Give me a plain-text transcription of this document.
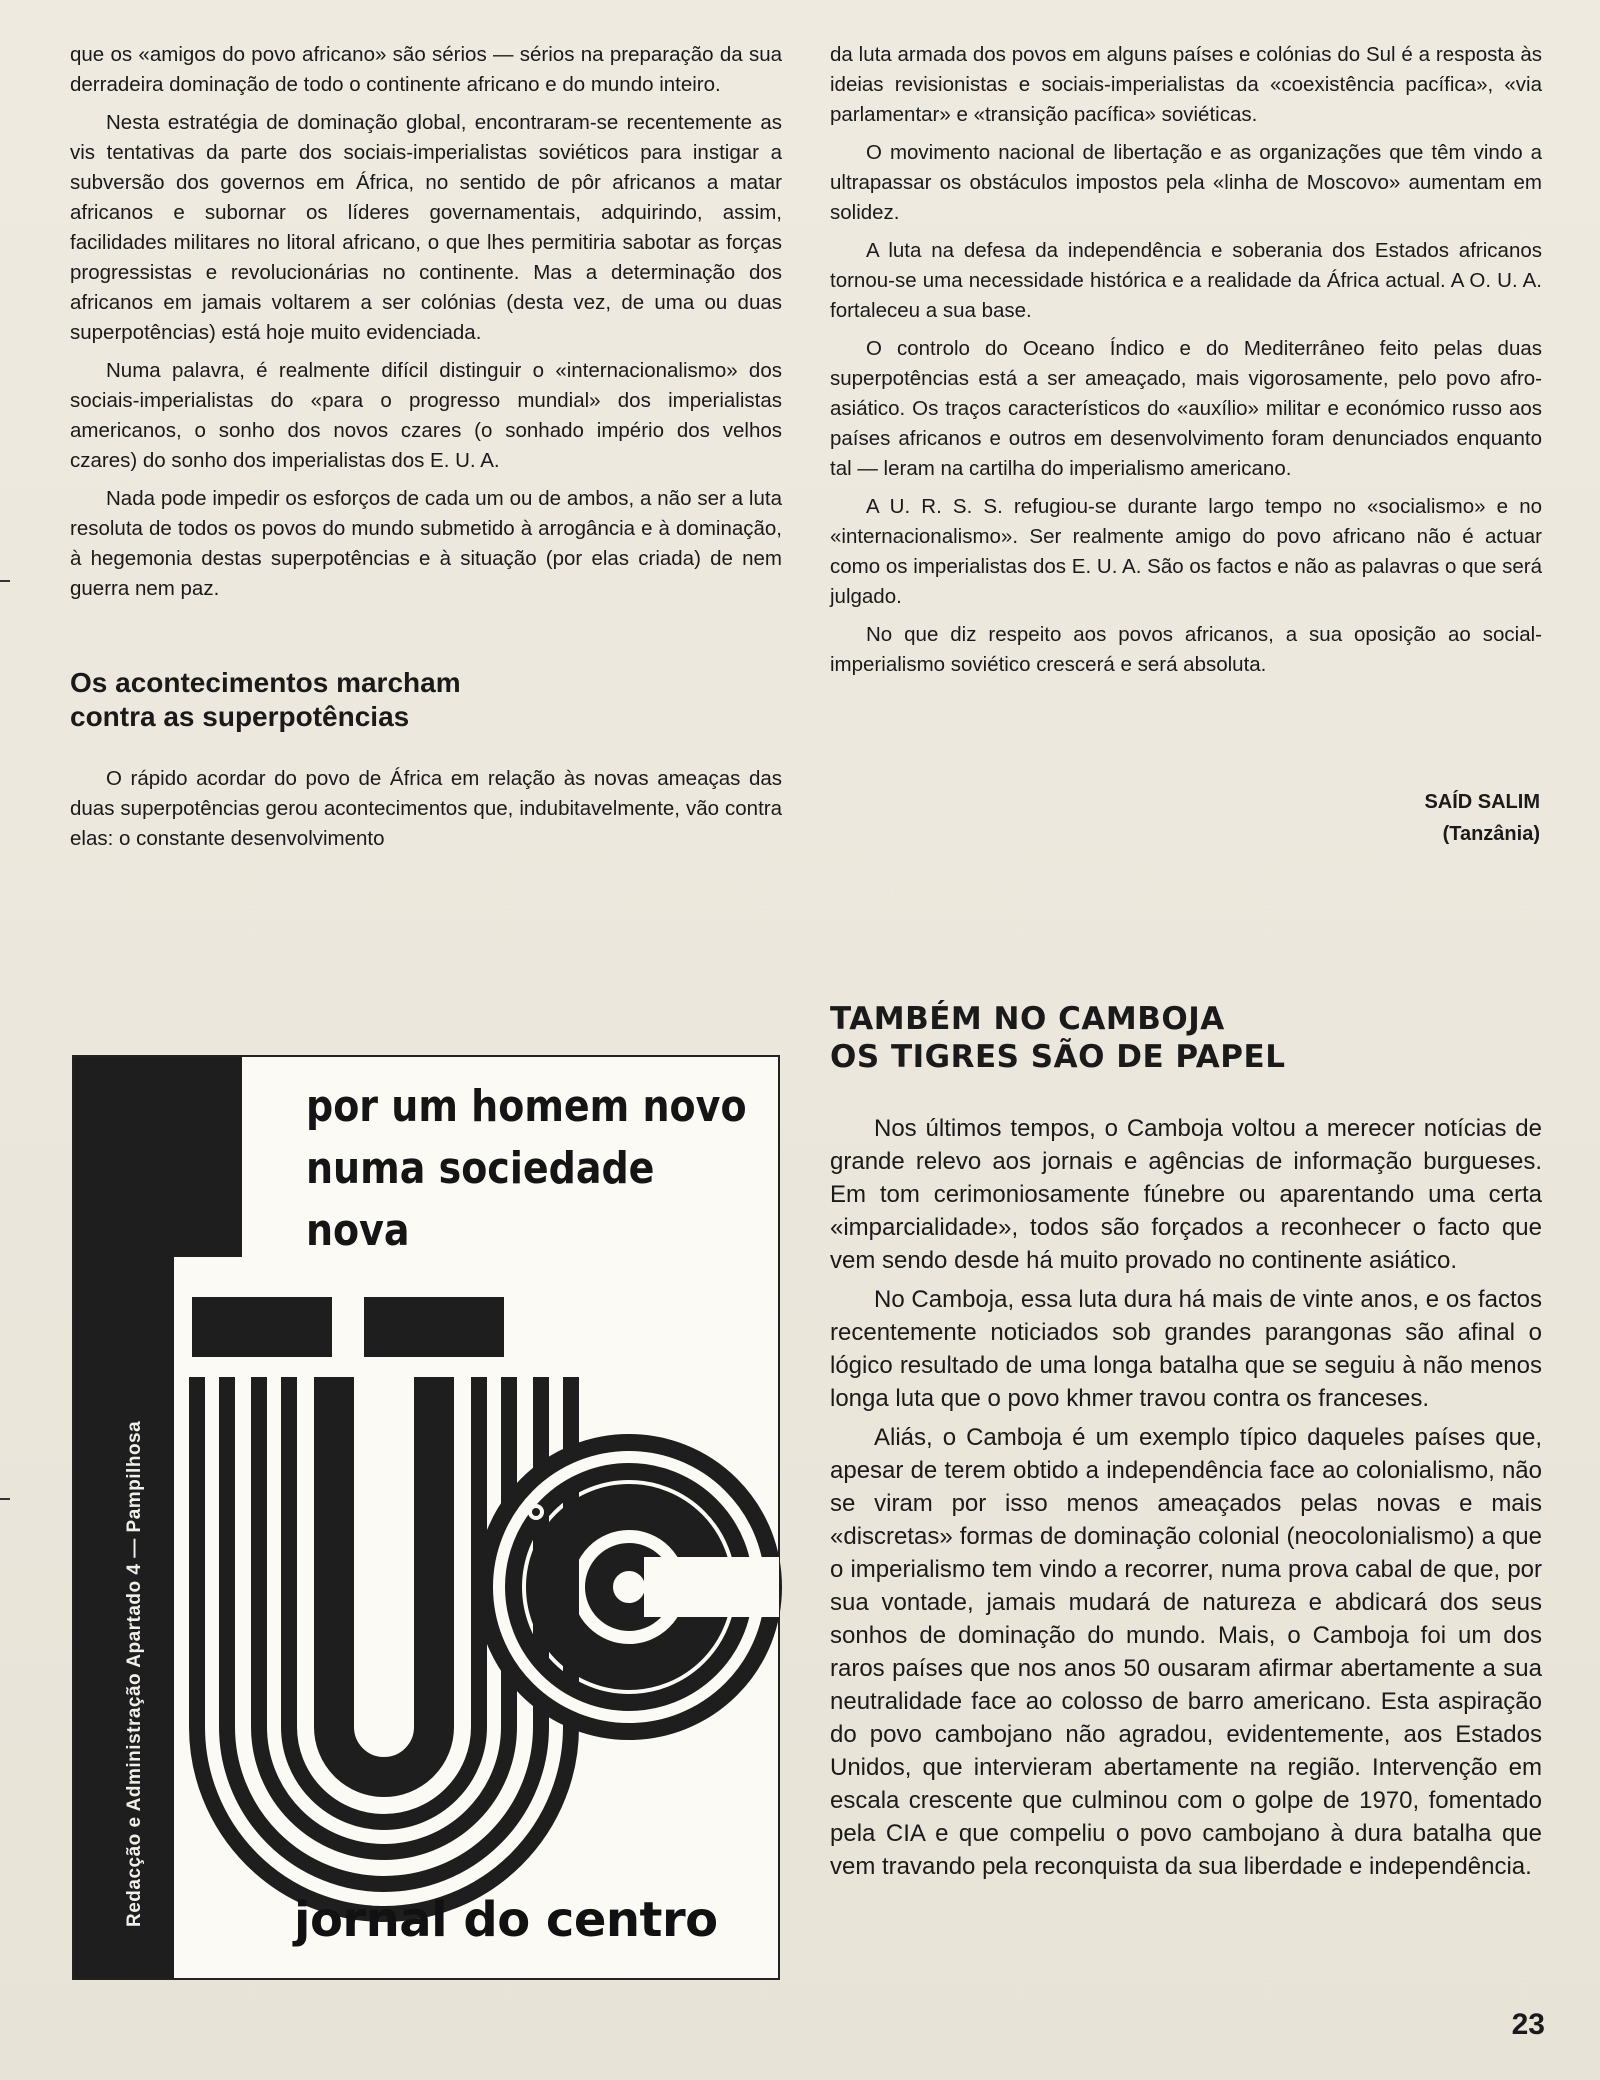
que os «amigos do povo africano» são sérios — sérios na preparação da sua derradeira dominação de todo o continente africano e do mundo inteiro.

Nesta estratégia de dominação global, encontraram-se recentemente as vis tentativas da parte dos sociais-imperialistas soviéticos para instigar a subversão dos governos em África, no sentido de pôr africanos a matar africanos e subornar os líderes governamentais, adquirindo, assim, facilidades militares no litoral africano, o que lhes permitiria sabotar as forças progressistas e revolucionárias no continente. Mas a determinação dos africanos em jamais voltarem a ser colónias (desta vez, de uma ou duas superpotências) está hoje muito evidenciada.

Numa palavra, é realmente difícil distinguir o «internacionalismo» dos sociais-imperialistas do «para o progresso mundial» dos imperialistas americanos, o sonho dos novos czares (o sonhado império dos velhos czares) do sonho dos imperialistas dos E. U. A.

Nada pode impedir os esforços de cada um ou de ambos, a não ser a luta resoluta de todos os povos do mundo submetido à arrogância e à dominação, à hegemonia destas superpotências e à situação (por elas criada) de nem guerra nem paz.

Os acontecimentos marcham contra as superpotências

O rápido acordar do povo de África em relação às novas ameaças das duas superpotências gerou acontecimentos que, indubitavelmente, vão contra elas: o constante desenvolvimento

Redacção e Administração Apartado 4 — Pampilhosa
por um homem novo
numa sociedade nova
jornal do centro

da luta armada dos povos em alguns países e colónias do Sul é a resposta às ideias revisionistas e sociais-imperialistas da «coexistência pacífica», «via parlamentar» e «transição pacífica» soviéticas.

O movimento nacional de libertação e as organizações que têm vindo a ultrapassar os obstáculos impostos pela «linha de Moscovo» aumentam em solidez.

A luta na defesa da independência e soberania dos Estados africanos tornou-se uma necessidade histórica e a realidade da África actual. A O. U. A. fortaleceu a sua base.

O controlo do Oceano Índico e do Mediterrâneo feito pelas duas superpotências está a ser ameaçado, mais vigorosamente, pelo povo afro-asiático. Os traços característicos do «auxílio» militar e económico russo aos países africanos e outros em desenvolvimento foram denunciados enquanto tal — leram na cartilha do imperialismo americano.

A U. R. S. S. refugiou-se durante largo tempo no «socialismo» e no «internacionalismo». Ser realmente amigo do povo africano não é actuar como os imperialistas dos E. U. A. São os factos e não as palavras o que será julgado.

No que diz respeito aos povos africanos, a sua oposição ao social-imperialismo soviético crescerá e será absoluta.

SAÍD SALIM
(Tanzânia)
TAMBÉM NO CAMBOJA
OS TIGRES SÃO DE PAPEL

Nos últimos tempos, o Camboja voltou a merecer notícias de grande relevo aos jornais e agências de informação burgueses. Em tom cerimoniosamente fúnebre ou aparentando uma certa «imparcialidade», todos são forçados a reconhecer o facto que vem sendo desde há muito provado no continente asiático.

No Camboja, essa luta dura há mais de vinte anos, e os factos recentemente noticiados sob grandes parangonas são afinal o lógico resultado de uma longa batalha que se seguiu à não menos longa luta que o povo khmer travou contra os franceses.

Aliás, o Camboja é um exemplo típico daqueles países que, apesar de terem obtido a independência face ao colonialismo, não se viram por isso menos ameaçados pelas novas e mais «discretas» formas de dominação colonial (neocolonialismo) a que o imperialismo tem vindo a recorrer, numa prova cabal de que, por sua vontade, jamais mudará de natureza e abdicará dos seus sonhos de dominação do mundo. Mais, o Camboja foi um dos raros países que nos anos 50 ousaram afirmar abertamente a sua neutralidade face ao colosso de barro americano. Esta aspiração do povo cambojano não agradou, evidentemente, aos Estados Unidos, que intervieram abertamente na região. Intervenção em escala crescente que culminou com o golpe de 1970, fomentado pela CIA e que compeliu o povo cambojano à dura batalha que vem travando pela reconquista da sua liberdade e independência.

23
